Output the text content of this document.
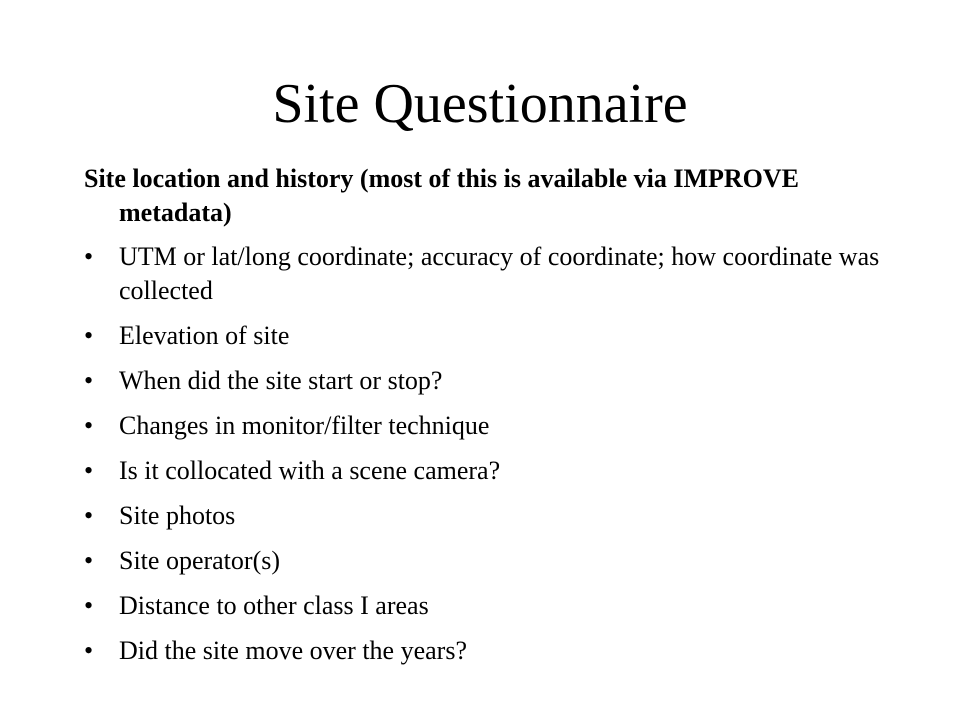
Site Questionnaire

Site location and history (most of this is available via IMPROVE metadata)

• UTM or lat/long coordinate; accuracy of coordinate; how coordinate was collected
• Elevation of site
• When did the site start or stop?
• Changes in monitor/filter technique
• Is it collocated with a scene camera?
• Site photos
• Site operator(s)
• Distance to other class I areas
• Did the site move over the years?
